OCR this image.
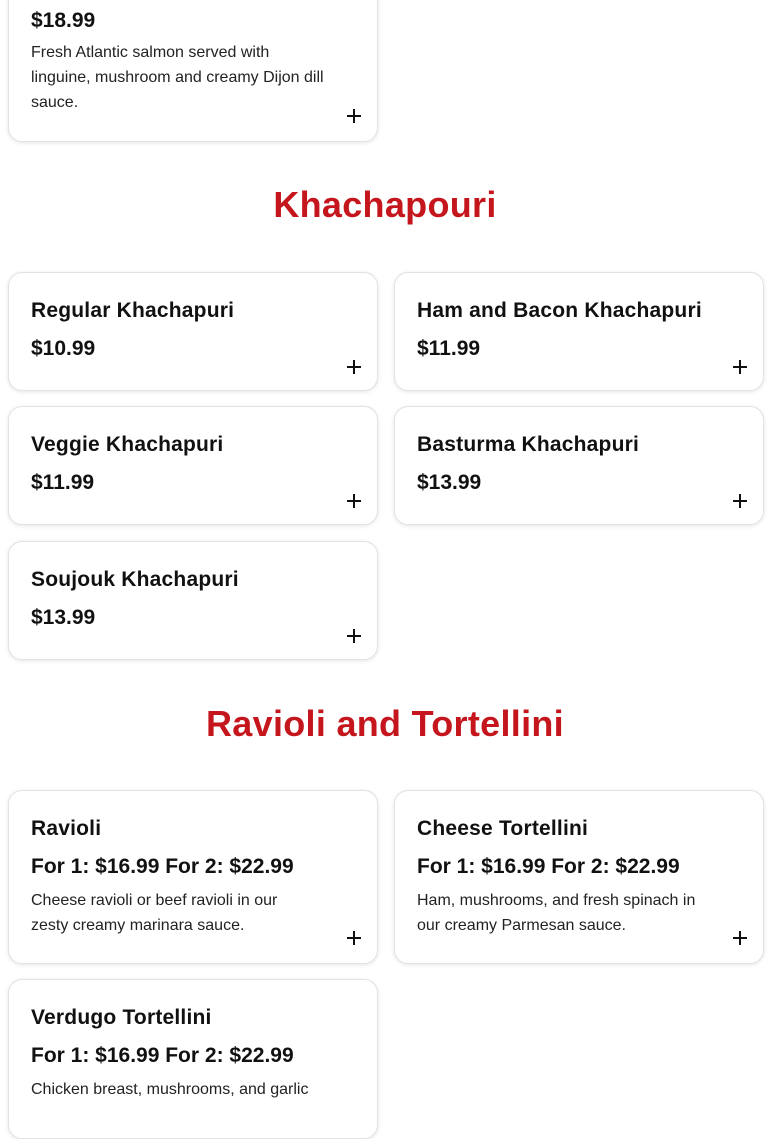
$18.99

Fresh Atlantic salmon served with linguine, mushroom and creamy Dijon dill sauce.

Khachapouri

Regular Khachapuri

$10.99

Ham and Bacon Khachapuri

$11.99

Veggie Khachapuri

$11.99

Basturma Khachapuri

$13.99

Soujouk Khachapuri

$13.99

Ravioli and Tortellini

Ravioli

For 1: $16.99 For 2: $22.99

Cheese ravioli or beef ravioli in our zesty creamy marinara sauce.

Cheese Tortellini

For 1: $16.99 For 2: $22.99

Ham, mushrooms, and fresh spinach in our creamy Parmesan sauce.

Verdugo Tortellini

For 1: $16.99 For 2: $22.99

Chicken breast, mushrooms, and garlic
